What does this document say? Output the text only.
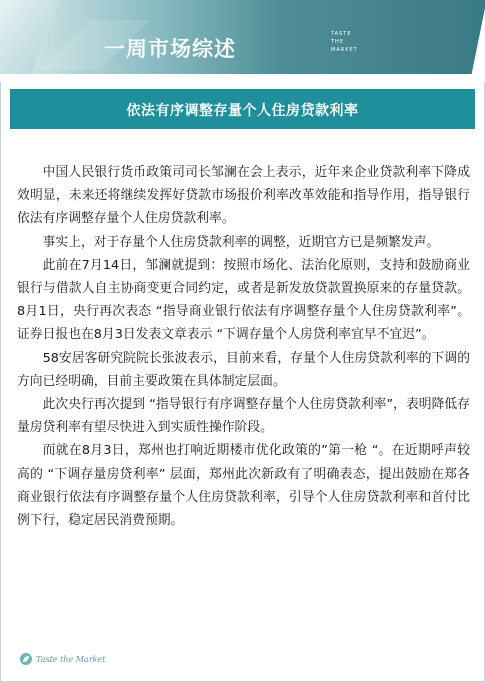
一周市场综述
TASTE
THE
MARKET
依法有序调整存量个人住房贷款利率

中国人民银行货币政策司司长邹澜在会上表示，近年来企业贷款利率下降成效明显，未来还将继续发挥好贷款市场报价利率改革效能和指导作用，指导银行依法有序调整存量个人住房贷款利率。

事实上，对于存量个人住房贷款利率的调整，近期官方已是频繁发声。

此前在7月14日，邹澜就提到：按照市场化、法治化原则，支持和鼓励商业银行与借款人自主协商变更合同约定，或者是新发放贷款置换原来的存量贷款。8月1日，央行再次表态 “指导商业银行依法有序调整存量个人住房贷款利率”。证券日报也在8月3日发表文章表示 “下调存量个人房贷利率宜早不宜迟”。

58安居客研究院院长张波表示，目前来看，存量个人住房贷款利率的下调的方向已经明确，目前主要政策在具体制定层面。

此次央行再次提到 “指导银行有序调整存量个人住房贷款利率”，表明降低存量房贷利率有望尽快进入到实质性操作阶段。

而就在8月3日，郑州也打响近期楼市优化政策的”第一枪 “。在近期呼声较高的 “下调存量房贷利率” 层面，郑州此次新政有了明确表态，提出鼓励在郑各商业银行依法有序调整存量个人住房贷款利率，引导个人住房贷款利率和首付比例下行，稳定居民消费预期。

Taste the Market
